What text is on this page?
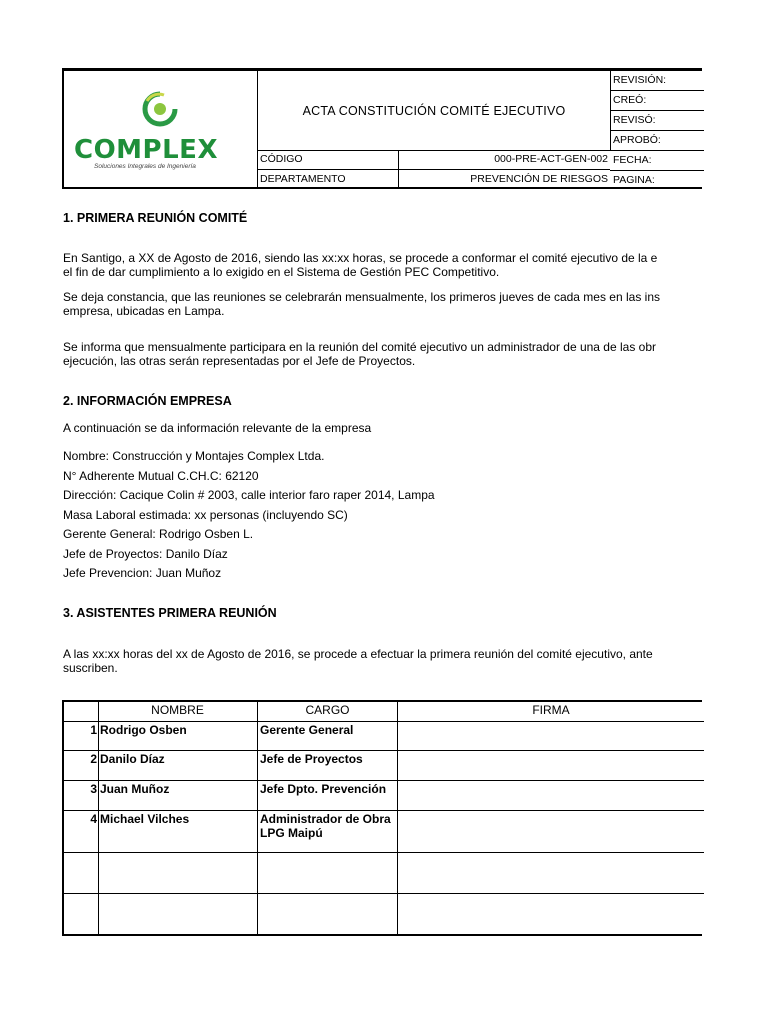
COMPLEX
Soluciones Integrales de Ingeniería
ACTA CONSTITUCIÓN COMITÉ EJECUTIVO
CÓDIGO	000-PRE-ACT-GEN-002
DEPARTAMENTO	PREVENCIÓN DE RIESGOS
REVISIÓN:
CREÓ:
REVISÓ:
APROBÓ:
FECHA:
PAGINA:
1. PRIMERA REUNIÓN COMITÉ
En Santigo, a XX de Agosto de 2016, siendo las xx:xx horas, se procede a conformar el comité ejecutivo de la e
el fin de dar cumplimiento a lo exigido en el Sistema de Gestión PEC Competitivo.
Se deja constancia, que las reuniones se celebrarán mensualmente, los primeros jueves de cada mes en las ins
empresa, ubicadas en Lampa.
Se informa que mensualmente participara en la reunión del comité ejecutivo un administrador de una de las obr
ejecución, las otras serán representadas por el Jefe de Proyectos.
2. INFORMACIÓN EMPRESA
A continuación se da información relevante de la empresa
Nombre: Construcción y Montajes Complex Ltda.
N° Adherente Mutual C.CH.C: 62120
Dirección: Cacique Colin # 2003, calle interior faro raper 2014, Lampa
Masa Laboral estimada: xx personas (incluyendo SC)
Gerente General: Rodrigo Osben L.
Jefe de Proyectos: Danilo Díaz
Jefe Prevencion: Juan Muñoz
3. ASISTENTES PRIMERA REUNIÓN
A las xx:xx horas del xx de Agosto de 2016, se procede a efectuar la primera reunión del comité ejecutivo, ante
suscriben.
NOMBRE	CARGO	FIRMA
1 Rodrigo Osben	Gerente General
2 Danilo Díaz	Jefe de Proyectos
3 Juan Muñoz	Jefe Dpto. Prevención
4 Michael Vilches	Administrador de Obra
LPG Maipú
